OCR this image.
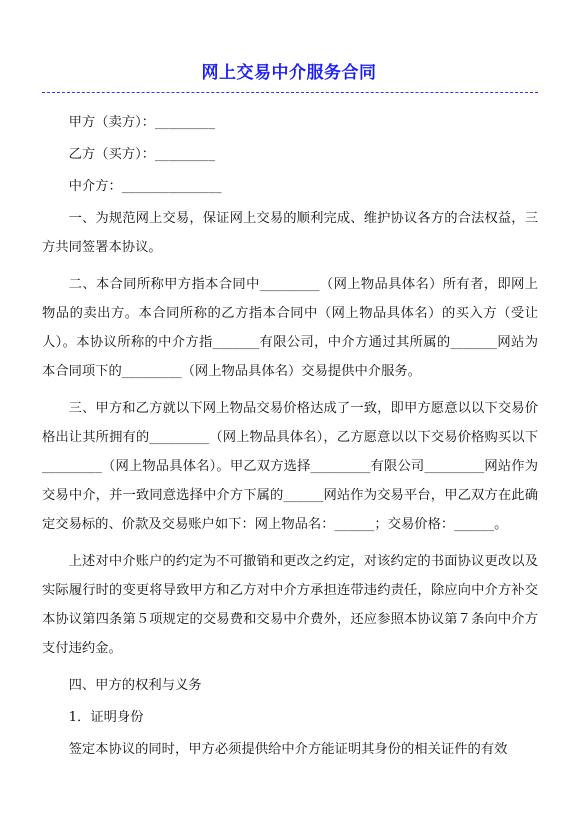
网上交易中介服务合同
甲方（卖方）：_________
乙方（买方）：_________
中介方：_______________

一、为规范网上交易，保证网上交易的顺利完成、维护协议各方的合法权益，三方共同签署本协议。

二、本合同所称甲方指本合同中_________（网上物品具体名）所有者，即网上物品的卖出方。本合同所称的乙方指本合同中（网上物品具体名）的买入方（受让人）。本协议所称的中介方指_______有限公司，中介方通过其所属的_______网站为本合同项下的_________（网上物品具体名）交易提供中介服务。

三、甲方和乙方就以下网上物品交易价格达成了一致，即甲方愿意以以下交易价格出让其所拥有的_________（网上物品具体名），乙方愿意以以下交易价格购买以下_________（网上物品具体名）。甲乙双方选择_________有限公司_________网站作为交易中介，并一致同意选择中介方下属的______网站作为交易平台，甲乙双方在此确定交易标的、价款及交易账户如下：网上物品名：______；交易价格：______。

上述对中介账户的约定为不可撤销和更改之约定，对该约定的书面协议更改以及实际履行时的变更将导致甲方和乙方对中介方承担连带违约责任，除应向中介方补交本协议第四条第５项规定的交易费和交易中介费外，还应参照本协议第７条向中介方支付违约金。

四、甲方的权利与义务
1．证明身份
签定本协议的同时，甲方必须提供给中介方能证明其身份的相关证件的有效
